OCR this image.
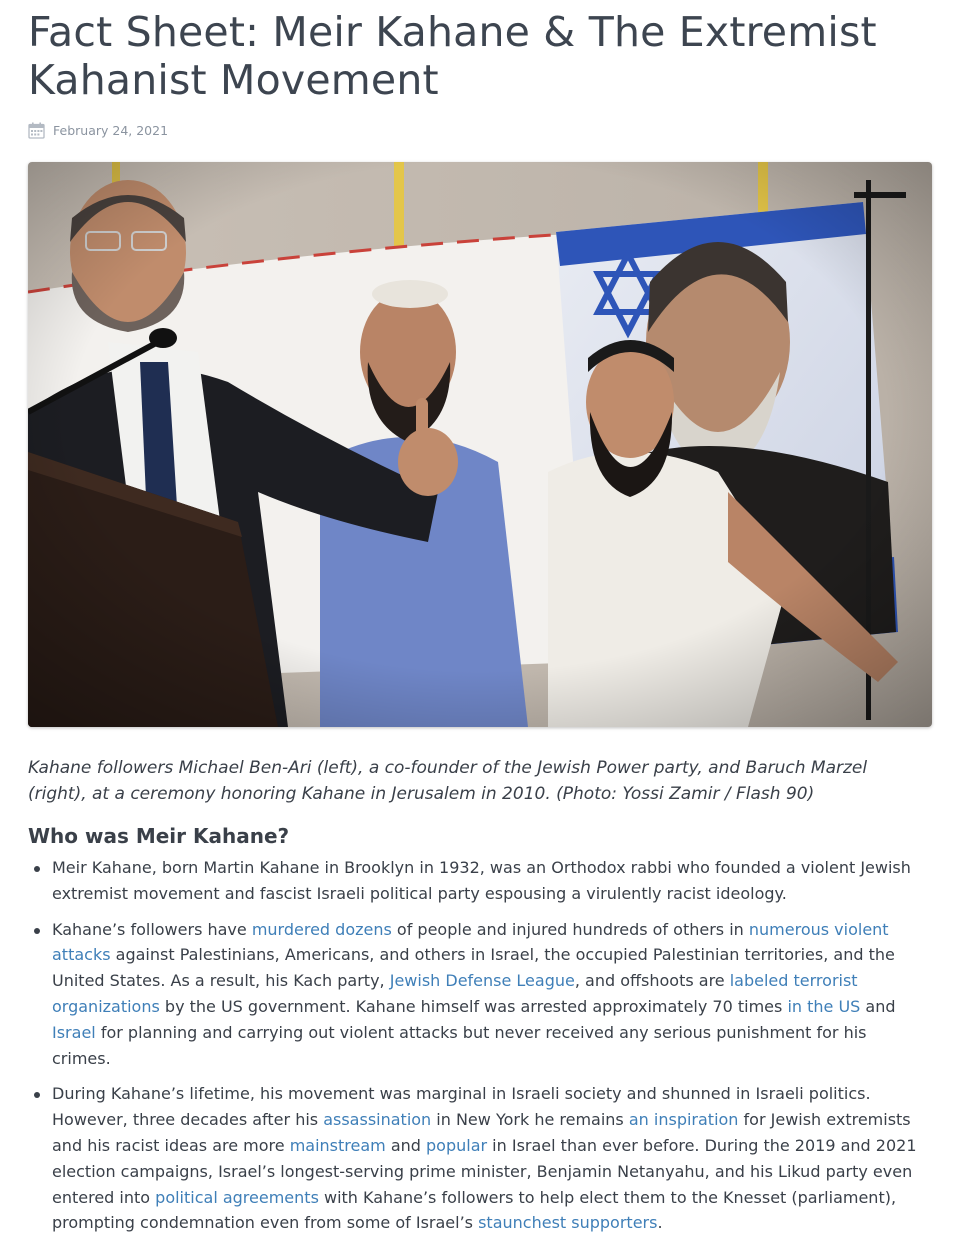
Fact Sheet: Meir Kahane & The Extremist Kahanist Movement
February 24, 2021

Kahane followers Michael Ben-Ari (left), a co-founder of the Jewish Power party, and Baruch Marzel (right), at a ceremony honoring Kahane in Jerusalem in 2010. (Photo: Yossi Zamir / Flash 90)

Who was Meir Kahane?
Meir Kahane, born Martin Kahane in Brooklyn in 1932, was an Orthodox rabbi who founded a violent Jewish extremist movement and fascist Israeli political party espousing a virulently racist ideology.
Kahane’s followers have murdered dozens of people and injured hundreds of others in numerous violent attacks against Palestinians, Americans, and others in Israel, the occupied Palestinian territories, and the United States. As a result, his Kach party, Jewish Defense League, and offshoots are labeled terrorist organizations by the US government. Kahane himself was arrested approximately 70 times in the US and Israel for planning and carrying out violent attacks but never received any serious punishment for his crimes.
During Kahane’s lifetime, his movement was marginal in Israeli society and shunned in Israeli politics. However, three decades after his assassination in New York he remains an inspiration for Jewish extremists and his racist ideas are more mainstream and popular in Israel than ever before. During the 2019 and 2021 election campaigns, Israel’s longest-serving prime minister, Benjamin Netanyahu, and his Likud party even entered into political agreements with Kahane’s followers to help elect them to the Knesset (parliament), prompting condemnation even from some of Israel’s staunchest supporters.
